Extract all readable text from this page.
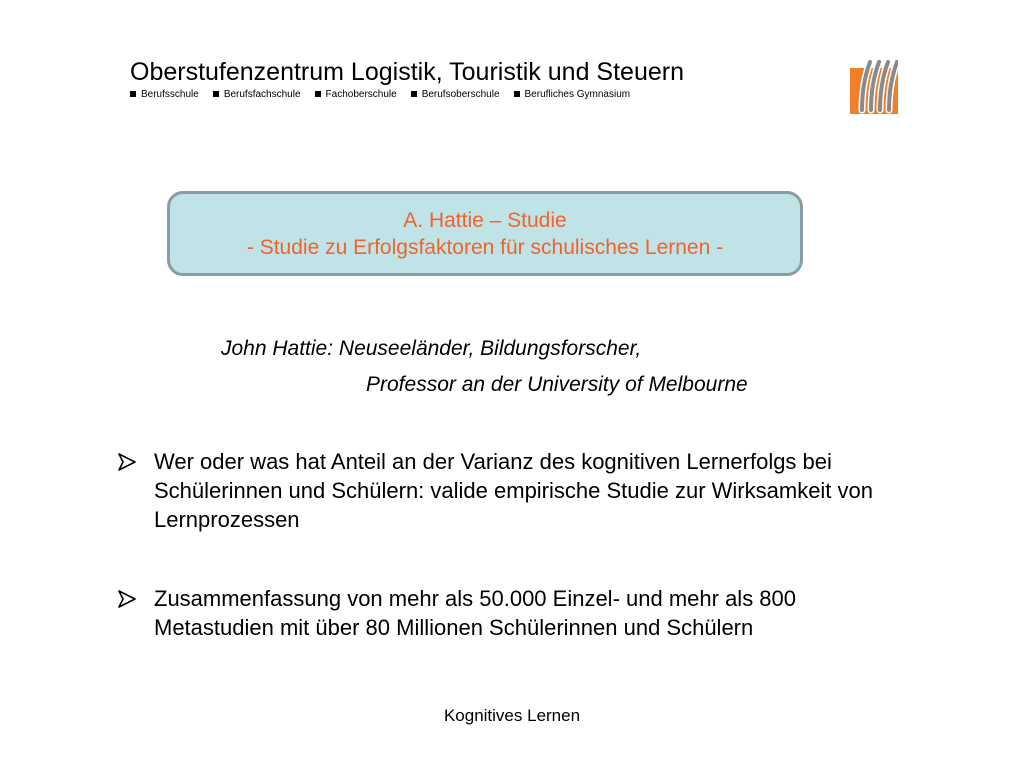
Oberstufenzentrum Logistik, Touristik und Steuern
Berufsschule	Berufsfachschule	Fachoberschule	Berufsoberschule	Berufliches Gymnasium
A. Hattie – Studie
- Studie zu Erfolgsfaktoren für schulisches Lernen -
John Hattie: Neuseeländer, Bildungsforscher,
Professor an der University of Melbourne
Wer oder was hat Anteil an der Varianz des kognitiven Lernerfolgs bei Schülerinnen und Schülern: valide empirische Studie zur Wirksamkeit von Lernprozessen
Zusammenfassung von mehr als 50.000 Einzel- und mehr als 800 Metastudien mit über 80 Millionen Schülerinnen und Schülern
Kognitives Lernen
